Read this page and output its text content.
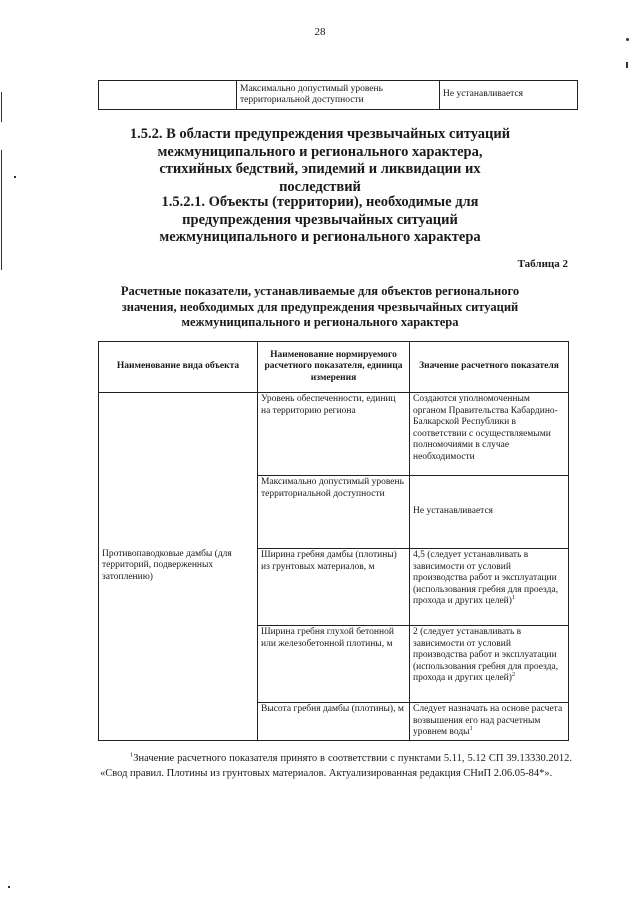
28
	Максимально допустимый уровень территориальной доступности	Не устанавливается
1.5.2. В области предупреждения чрезвычайных ситуаций межмуниципального и регионального характера, стихийных бедствий, эпидемий и ликвидации их последствий
1.5.2.1. Объекты (территории), необходимые для предупреждения чрезвычайных ситуаций межмуниципального и регионального характера
Таблица 2
Расчетные показатели, устанавливаемые для объектов регионального значения, необходимых для предупреждения чрезвычайных ситуаций межмуниципального и регионального характера
Наименование вида объекта	Наименование нормируемого расчетного показателя, единица измерения	Значение расчетного показателя
Противопаводковые дамбы (для территорий, подверженных затоплению)	Уровень обеспеченности, единиц на территорию региона	Создаются уполномоченным органом Правительства Кабардино-Балкарской Республики в соответствии с осуществляемыми полномочиями в случае необходимости
	Максимально допустимый уровень территориальной доступности	Не устанавливается
	Ширина гребня дамбы (плотины) из грунтовых материалов, м	4,5 (следует устанавливать в зависимости от условий производства работ и эксплуатации (использования гребня для проезда, прохода и других целей)$^1$
	Ширина гребня глухой бетонной или железобетонной плотины, м	2 (следует устанавливать в зависимости от условий производства работ и эксплуатации (использования гребня для проезда, прохода и других целей)$^2$
	Высота гребня дамбы (плотины), м	Следует назначать на основе расчета возвышения его над расчетным уровнем воды$^1$

$^1$Значение расчетного показателя принято в соответствии с пунктами 5.11, 5.12 СП 39.13330.2012. «Свод правил. Плотины из грунтовых материалов. Актуализированная редакция СНиП 2.06.05-84*».
